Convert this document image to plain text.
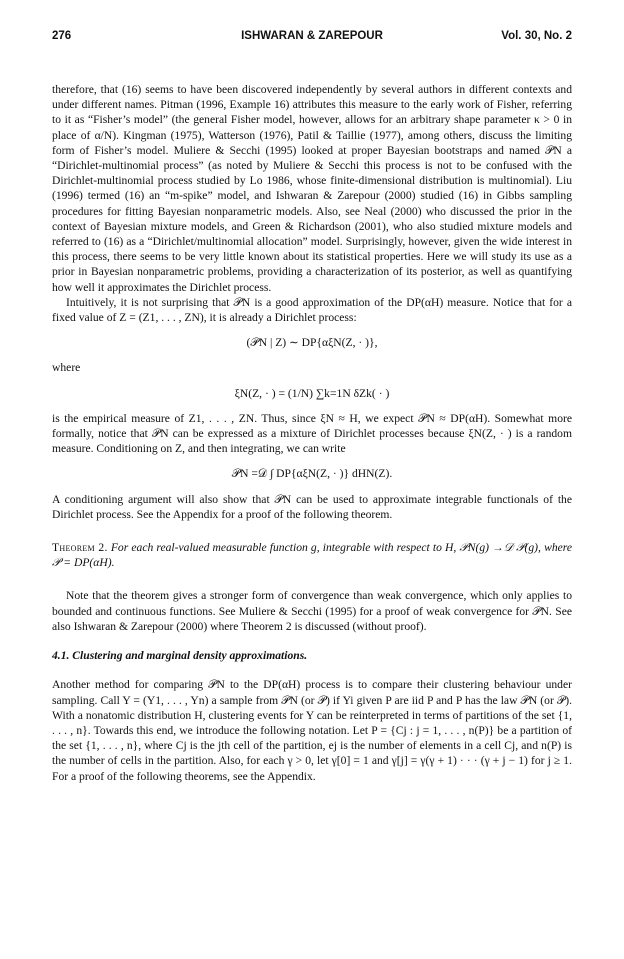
276	ISHWARAN & ZAREPOUR	Vol. 30, No. 2

therefore, that (16) seems to have been discovered independently by several authors in different contexts and under different names. Pitman (1996, Example 16) attributes this measure to the early work of Fisher, referring to it as “Fisher’s model” (the general Fisher model, however, allows for an arbitrary shape parameter κ > 0 in place of α/N). Kingman (1975), Watterson (1976), Patil & Taillie (1977), among others, discuss the limiting form of Fisher’s model. Muliere & Secchi (1995) looked at proper Bayesian bootstraps and named 𝒫N a “Dirichlet-multinomial process” (as noted by Muliere & Secchi this process is not to be confused with the Dirichlet-multinomial process studied by Lo 1986, whose finite-dimensional distribution is multinomial). Liu (1996) termed (16) an “m-spike” model, and Ishwaran & Zarepour (2000) studied (16) in Gibbs sampling procedures for fitting Bayesian nonparametric models. Also, see Neal (2000) who discussed the prior in the context of Bayesian mixture models, and Green & Richardson (2001), who also studied mixture models and referred to (16) as a “Dirichlet/multinomial allocation” model. Surprisingly, however, given the wide interest in this process, there seems to be very little known about its statistical properties. Here we will study its use as a prior in Bayesian nonparametric problems, providing a characterization of its posterior, as well as quantifying how well it approximates the Dirichlet process.

Intuitively, it is not surprising that 𝒫N is a good approximation of the DP(αH) measure. Notice that for a fixed value of Z = (Z1, . . . , ZN), it is already a Dirichlet process:

(𝒫N | Z) ∼ DP{αξN(Z, · )},

where

ξN(Z, · ) = (1/N) ∑k=1N δZk( · )

is the empirical measure of Z1, . . . , ZN. Thus, since ξN ≈ H, we expect 𝒫N ≈ DP(αH). Somewhat more formally, notice that 𝒫N can be expressed as a mixture of Dirichlet processes because ξN(Z, · ) is a random measure. Conditioning on Z, and then integrating, we can write

𝒫N =𝒟 ∫ DP{αξN(Z, · )} dHN(Z).

A conditioning argument will also show that 𝒫N can be used to approximate integrable functionals of the Dirichlet process. See the Appendix for a proof of the following theorem.

Theorem 2. For each real-valued measurable function g, integrable with respect to H, 𝒫N(g) →𝒟 𝒫(g), where 𝒫 = DP(αH).

Note that the theorem gives a stronger form of convergence than weak convergence, which only applies to bounded and continuous functions. See Muliere & Secchi (1995) for a proof of weak convergence for 𝒫N. See also Ishwaran & Zarepour (2000) where Theorem 2 is discussed (without proof).

4.1. Clustering and marginal density approximations.

Another method for comparing 𝒫N to the DP(αH) process is to compare their clustering behaviour under sampling. Call Y = (Y1, . . . , Yn) a sample from 𝒫N (or 𝒫) if Yi given P are iid P and P has the law 𝒫N (or 𝒫). With a nonatomic distribution H, clustering events for Y can be reinterpreted in terms of partitions of the set {1, . . . , n}. Towards this end, we introduce the following notation. Let P = {Cj : j = 1, . . . , n(P)} be a partition of the set {1, . . . , n}, where Cj is the jth cell of the partition, ej is the number of elements in a cell Cj, and n(P) is the number of cells in the partition. Also, for each γ > 0, let γ[0] = 1 and γ[j] = γ(γ + 1) · · · (γ + j − 1) for j ≥ 1. For a proof of the following theorems, see the Appendix.
